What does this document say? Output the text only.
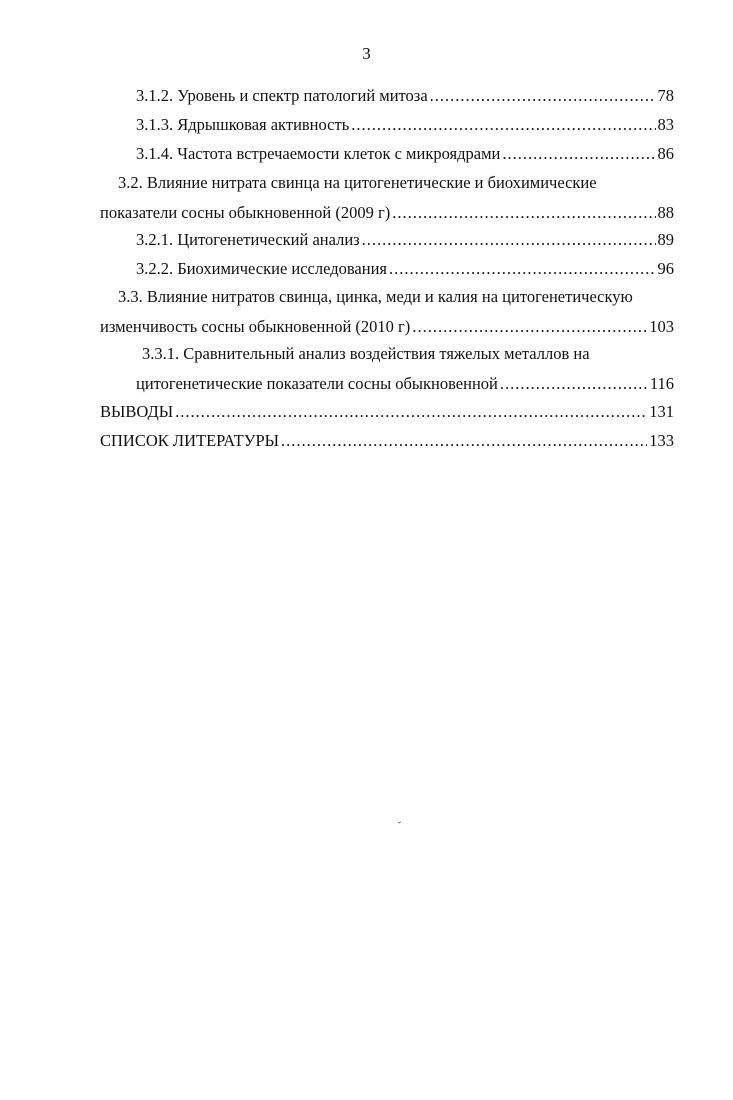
3
3.1.2. Уровень и спектр патологий митоза .....	78
3.1.3. Ядрышковая активность .....	83
3.1.4. Частота встречаемости клеток с микроядрами .....	86
3.2. Влияние нитрата свинца на цитогенетические и биохимические
показатели сосны обыкновенной (2009 г) .....	88
3.2.1. Цитогенетический анализ .....	89
3.2.2. Биохимические исследования .....	96
3.3. Влияние нитратов свинца, цинка, меди и калия на цитогенетическую
изменчивость сосны обыкновенной (2010 г) .....	103
3.3.1. Сравнительный анализ воздействия тяжелых металлов на
цитогенетические показатели сосны обыкновенной .....	116
ВЫВОДЫ .....	131
СПИСОК ЛИТЕРАТУРЫ .....	133
